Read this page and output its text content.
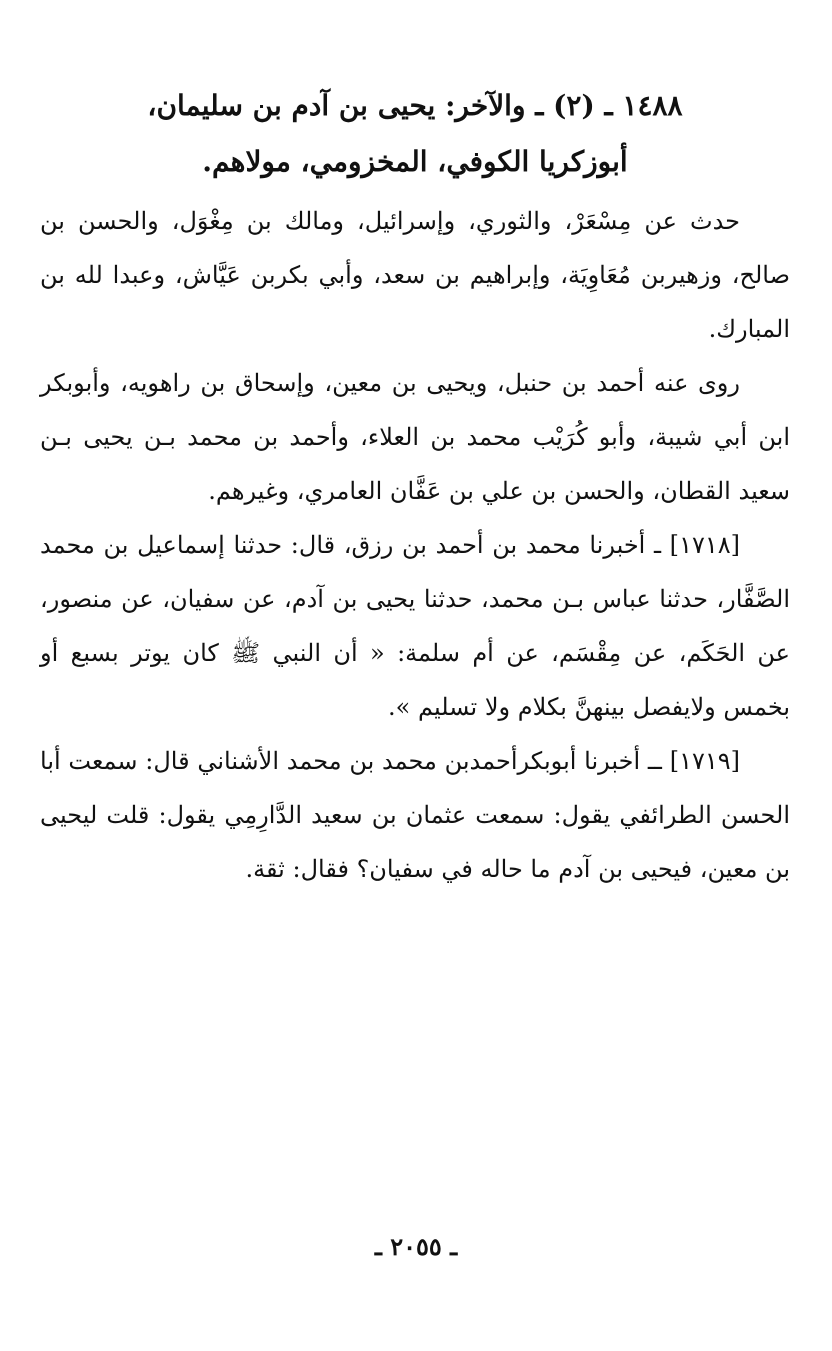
١٤٨٨ ـ (٢) ـ والآخر: يحيى بن آدم بن سليمان،

أبوزكريا الكوفي، المخزومي، مولاهم.

حدث عن مِسْعَرْ، والثوري، وإسرائيل، ومالك بن مِغْوَل، والحسن بن صالح، وزهيربن مُعَاوِيَة، وإبراهيم بن سعد، وأبي بكربن عَيَّاش، وعبدا لله بن المبارك.

روى عنه أحمد بن حنبل، ويحيى بن معين، وإسحاق بن راهويه، وأبوبكر ابن أبي شيبة، وأبو كُرَيْب محمد بن العلاء، وأحمد بن محمد بـن يحيى بـن سعيد القطان، والحسن بن علي بن عَفَّان العامري، وغيرهم.

[١٧١٨] ـ أخبرنا محمد بن أحمد بن رزق، قال: حدثنا إسماعيل بن محمد الصَّفَّار، حدثنا عباس بـن محمد، حدثنا يحيى بن آدم، عن سفيان، عن منصور، عن الحَكَم، عن مِقْسَم، عن أم سلمة: « أن النبي ﷺ كان يوتر بسبع أو بخمس ولايفصل بينهنَّ بكلام ولا تسليم ».

[١٧١٩] ــ أخبرنا أبوبكرأحمدبن محمد بن محمد الأشناني قال: سمعت أبا الحسن الطرائفي يقول: سمعت عثمان بن سعيد الدَّارِمِي يقول: قلت ليحيى بن معين، فيحيى بن آدم ما حاله في سفيان؟ فقال: ثقة.

ـ ٢٠٥٥ ـ
